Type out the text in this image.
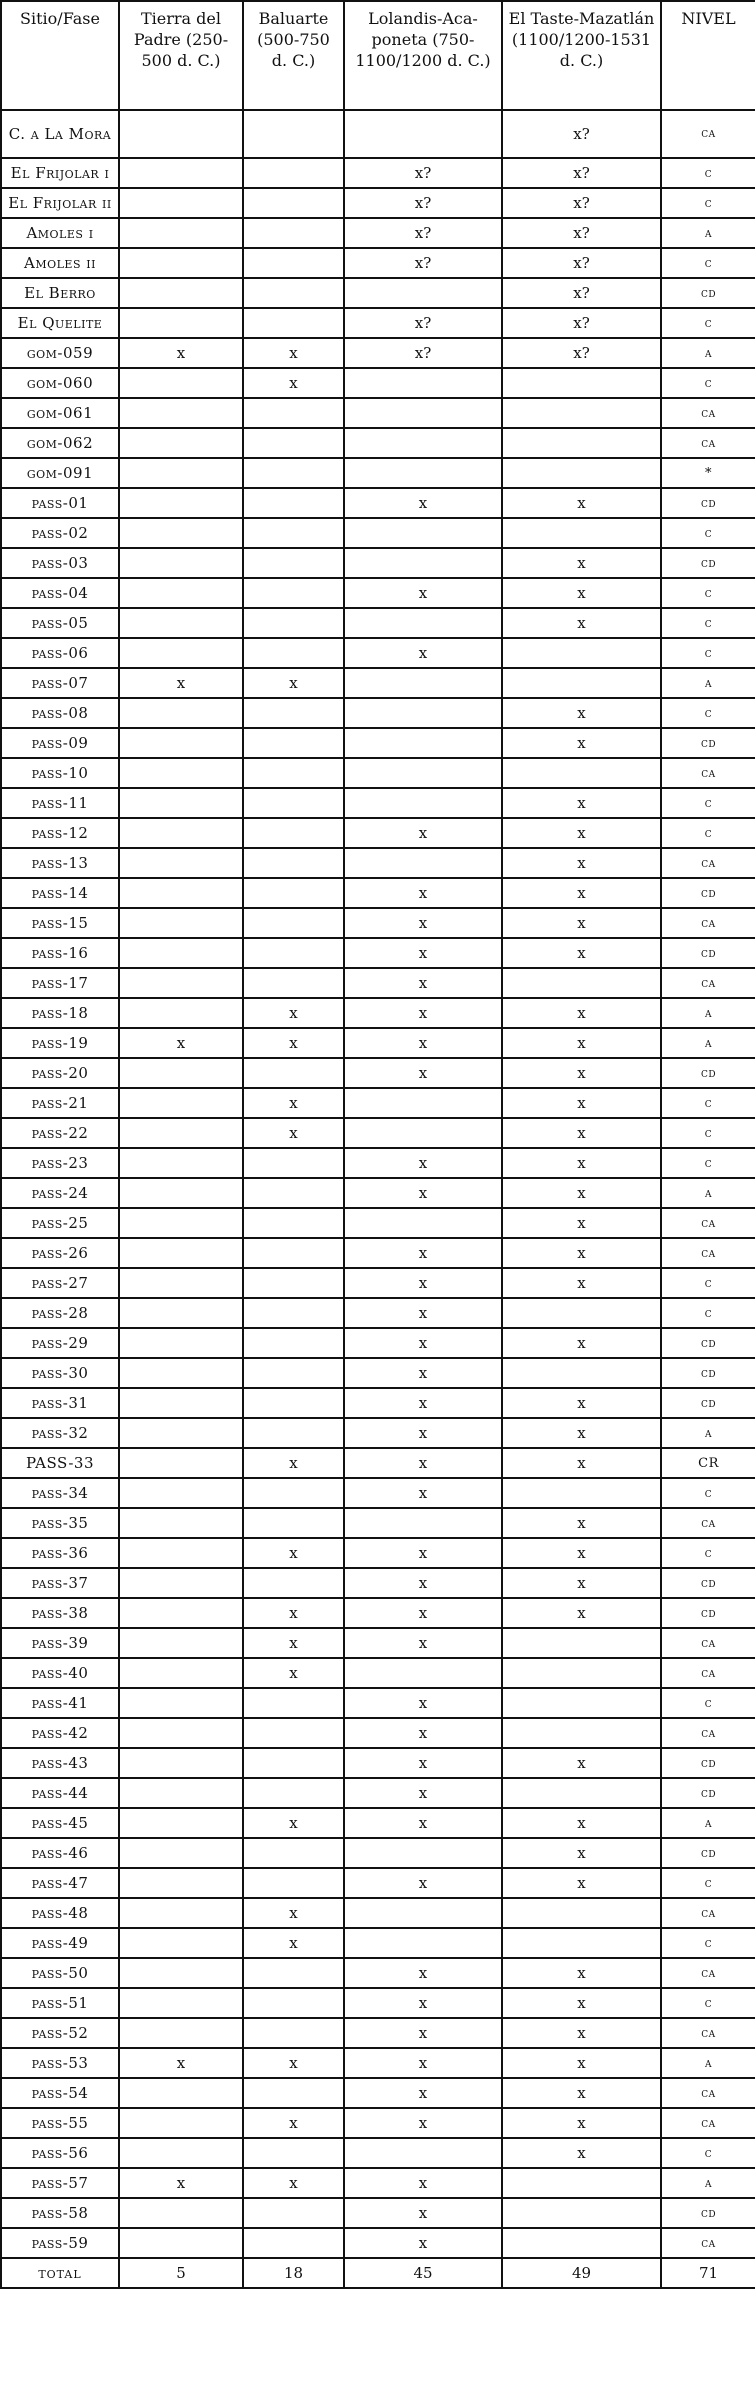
Sitio/Fase	Tierra del Padre (250-500 d. C.)	Baluarte (500-750 d. C.)	Lolandis-Aca-poneta (750-1100/1200 d. C.)	El Taste-Mazatlán (1100/1200-1531 d. C.)	NIVEL
C. a La Mora				x?	ca
El Frijolar i			x?	x?	c
El Frijolar ii			x?	x?	c
Amoles i			x?	x?	a
Amoles ii			x?	x?	c
El Berro				x?	cd
El Quelite			x?	x?	c
gom-059	x	x	x?	x?	a
gom-060		x			c
gom-061					ca
gom-062					ca
gom-091					*
pass-01			x	x	cd
pass-02					c
pass-03				x	cd
pass-04			x	x	c
pass-05				x	c
pass-06			x		c
pass-07	x	x			a
pass-08				x	c
pass-09				x	cd
pass-10					ca
pass-11				x	c
pass-12			x	x	c
pass-13				x	ca
pass-14			x	x	cd
pass-15			x	x	ca
pass-16			x	x	cd
pass-17			x		ca
pass-18		x	x	x	a
pass-19	x	x	x	x	a
pass-20			x	x	cd
pass-21		x		x	c
pass-22		x		x	c
pass-23			x	x	c
pass-24			x	x	a
pass-25				x	ca
pass-26			x	x	ca
pass-27			x	x	c
pass-28			x		c
pass-29			x	x	cd
pass-30			x		cd
pass-31			x	x	cd
pass-32			x	x	a
PASS-33		x	x	x	CR
pass-34			x		c
pass-35				x	ca
pass-36		x	x	x	c
pass-37			x	x	cd
pass-38		x	x	x	cd
pass-39		x	x		ca
pass-40		x			ca
pass-41			x		c
pass-42			x		ca
pass-43			x	x	cd
pass-44			x		cd
pass-45		x	x	x	a
pass-46				x	cd
pass-47			x	x	c
pass-48		x			ca
pass-49		x			c
pass-50			x	x	ca
pass-51			x	x	c
pass-52			x	x	ca
pass-53	x	x	x	x	a
pass-54			x	x	ca
pass-55		x	x	x	ca
pass-56				x	c
pass-57	x	x	x		a
pass-58			x		cd
pass-59			x		ca
total	5	18	45	49	71
